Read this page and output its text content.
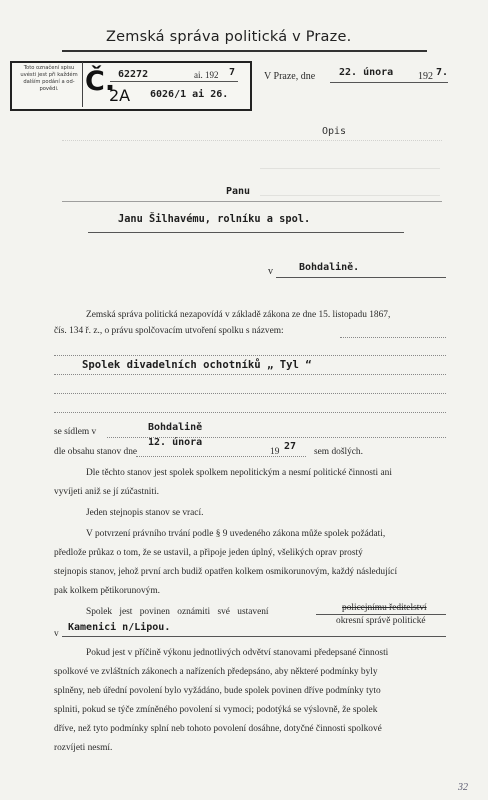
Zemská správa politická v Praze.
Toto označení spisu
uvésti jest při každém
dalším podání a od-
povědi. Č. 62272	ai. 192 7
2A 6026/1 ai 26.
V Praze, dne 22. února 192 7.
Opis
Panu
Janu Šilhavému, rolníku a spol.
v	Bohdalině.
Zemská správa politická nezapovídá v základě zákona ze dne 15. listopadu 1867,
čís. 134 ř. z., o právu spolčovacím utvoření spolku s názvem:
Spolek divadelních ochotníků „ Tyl “
se sídlem v	Bohdalině
dle obsahu stanov dne
12. února
19 27 sem došlých.
Dle těchto stanov jest spolek spolkem nepolitickým a nesmí politické činnosti ani
vyvíjeti aniž se jí zúčastniti.
Jeden stejnopis stanov se vrací.
V potvrzení právního trvání podle § 9 uvedeného zákona může spolek požádati,
předlože průkaz o tom, že se ustavil, a připoje jeden úplný, všelikých oprav prostý
stejnopis stanov, jehož první arch budiž opatřen kolkem osmikorunovým, každý následující
pak kolkem pětikorunovým.
Spolek jest povinen oznámiti své ustavení	policejnímu ředitelství
okresní správě politické
v
Kamenici n/Lipou.
Pokud jest v příčině výkonu jednotlivých odvětví stanovami předepsané činnosti
spolkové ve zvláštních zákonech a nařízeních předepsáno, aby některé podmínky byly
splněny, neb úřední povolení bylo vyžádáno, bude spolek povinen dříve podmínky tyto
splniti, pokud se týče zmíněného povolení si vymoci; podotýká se výslovně, že spolek
dříve, než tyto podmínky splní neb tohoto povolení dosáhne, dotyčné činnosti spolkové
rozvíjeti nesmí.
32
